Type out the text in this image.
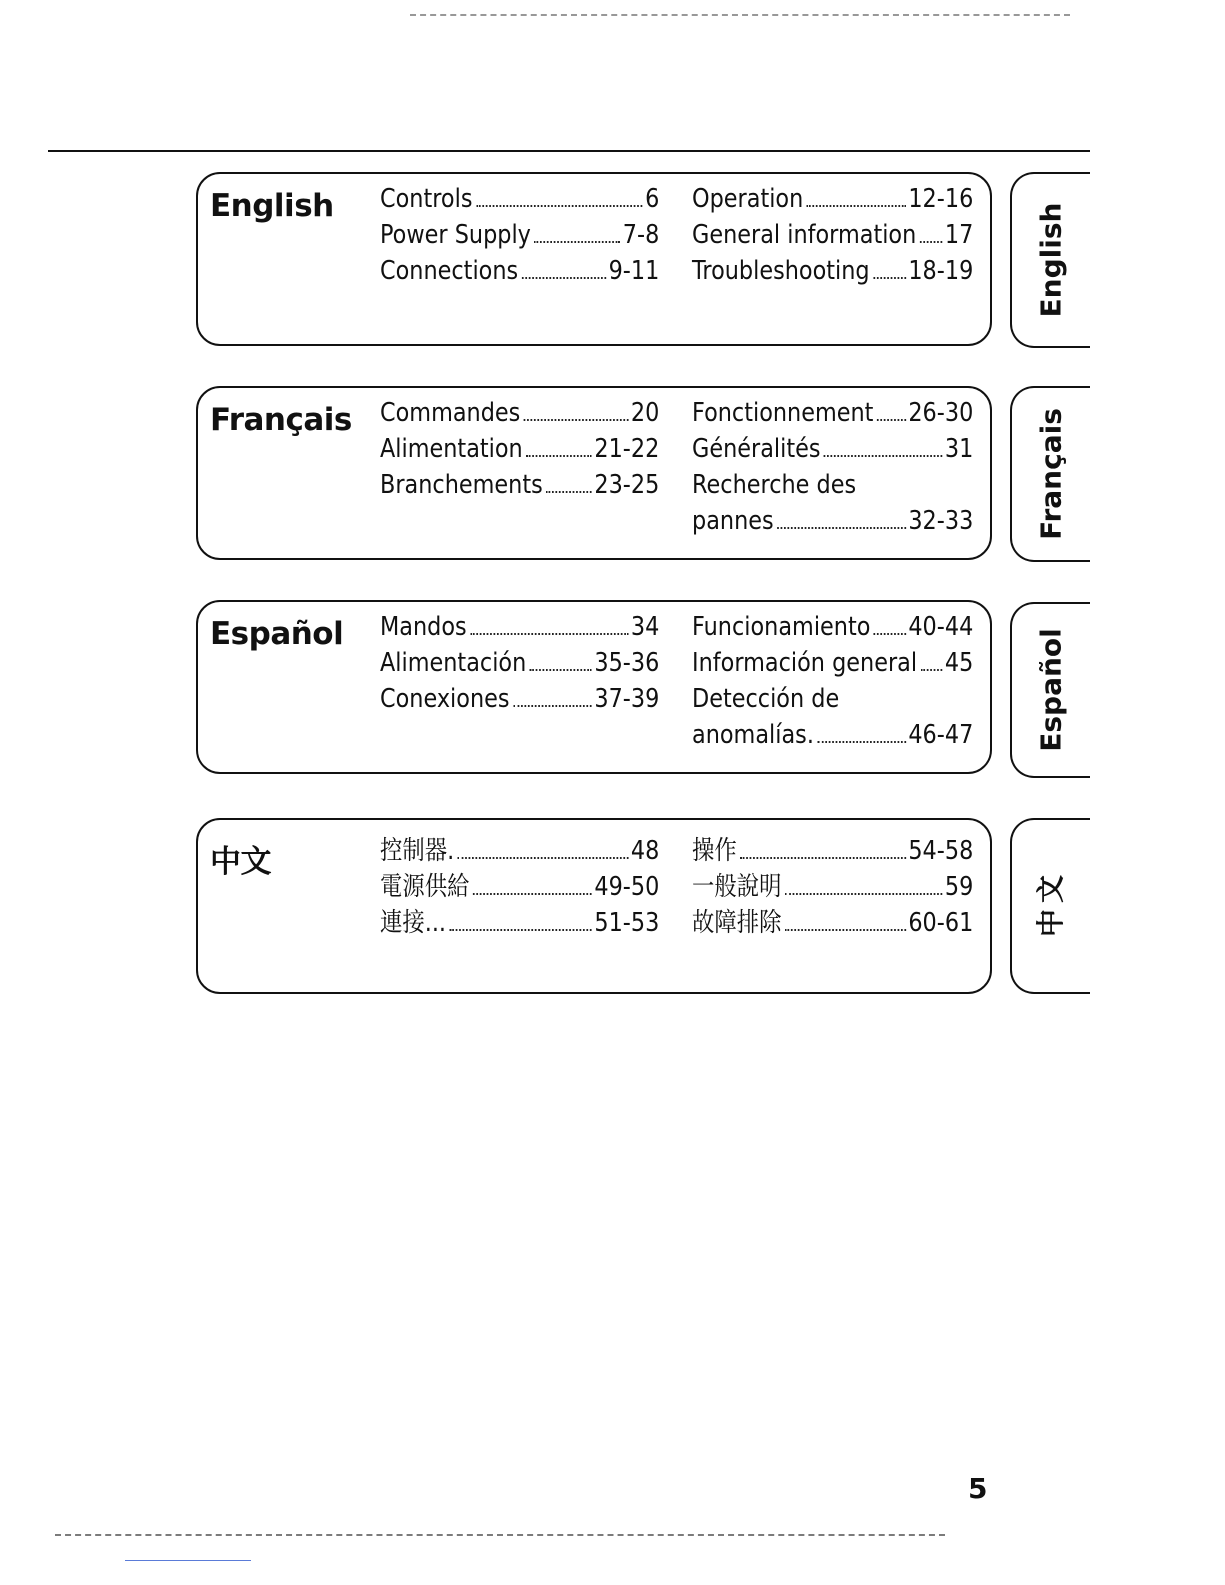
English Controls	6
Power Supply	7-8
Connections	9-11
Operation	12-16
General information 17
Troubleshooting 18-19
Français Commandes	20
Alimentation	21-22
Branchements 23-25
Fonctionnement 26-30
Généralités	31
Recherche des
pannes	32-33
Español Mandos	34
Alimentación	35-36
Conexiones	37-39
Funcionamiento 40-44
Información general 45
Detección de
anomalías.	46-47
中文	控制器.	48
電源供給	49-50
連接...	51-53
操作	54-58
一般說明	59
故障排除	60-61
English
Français
Español
文
中
5
